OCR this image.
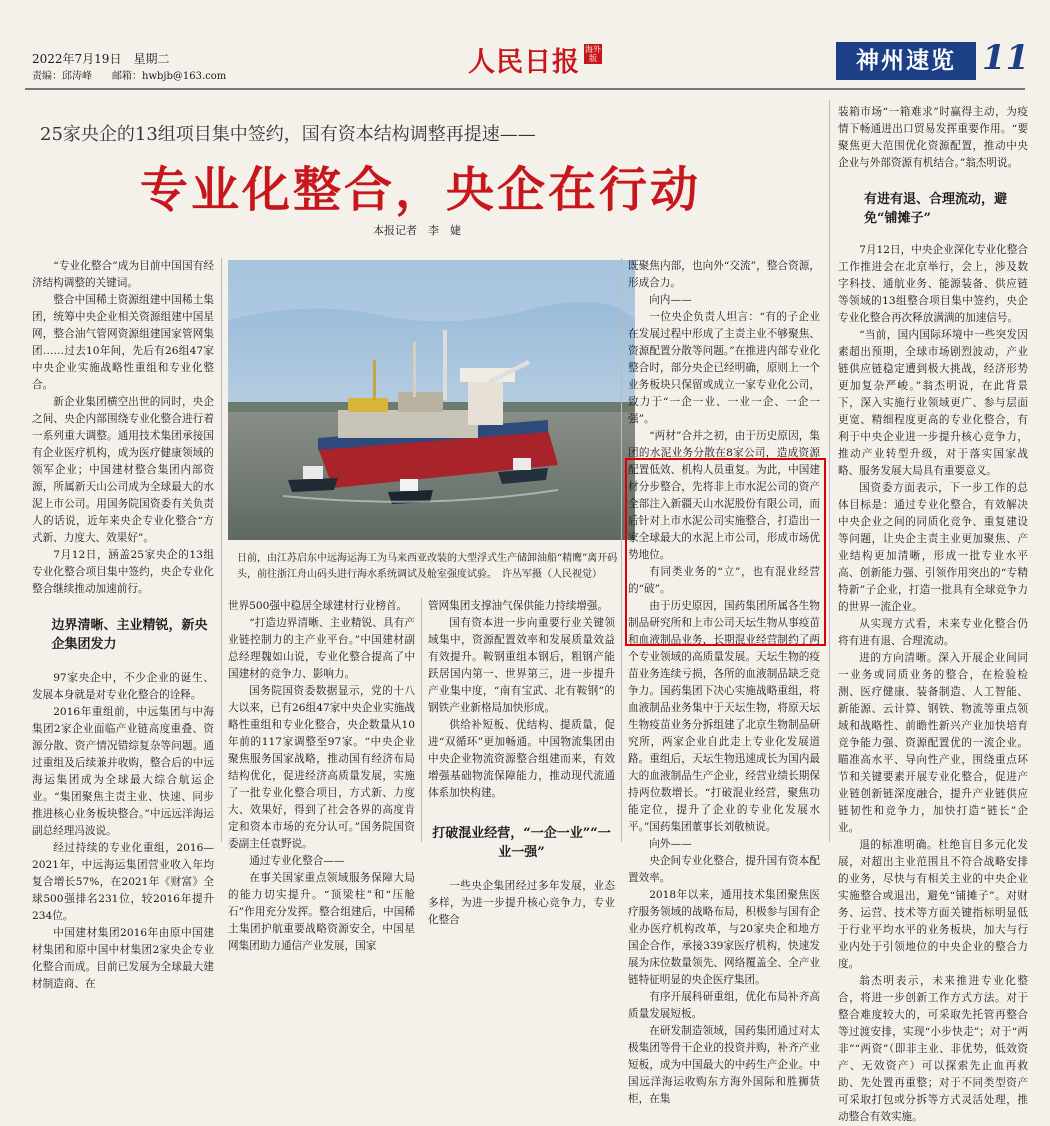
2022年7月19日　星期二
责编：邱涛峰　　邮箱：hwbjb@163.com	人民日报 海外版	神州速览 11
25家央企的13组项目集中签约，国有资本结构调整再提速——
专业化整合，央企在行动
本报记者　李　婕
日前，由江苏启东中远海运海工为马来西亚改装的大型浮式生产储卸油船“精鹰”离开码头，前往浙江舟山码头进行海水系统调试及舱室强度试验。　许丛军摄（人民视觉）

“专业化整合”成为目前中国国有经济结构调整的关键词。

整合中国稀土资源组建中国稀土集团，统筹中央企业相关资源组建中国星网，整合油气管网资源组建国家管网集团……过去10年间，先后有26组47家中央企业实施战略性重组和专业化整合。

新企业集团横空出世的同时，央企之间、央企内部围绕专业化整合进行着一系列重大调整。通用技术集团承接国有企业医疗机构，成为医疗健康领域的领军企业；中国建材整合集团内部资源，所属新天山公司成为全球最大的水泥上市公司。用国务院国资委有关负责人的话说，近年来央企专业化整合“方式新、力度大、效果好”。

7月12日，涵盖25家央企的13组专业化整合项目集中签约，央企专业化整合继续推动加速前行。

边界清晰、主业精锐，新央企集团发力

97家央企中，不少企业的诞生、发展本身就是对专业化整合的诠释。

2016年重组前，中远集团与中海集团2家企业面临产业链高度重叠、资源分散、资产情况错综复杂等问题。通过重组及后续兼并收购，整合后的中远海运集团成为全球最大综合航运企业。“集团聚焦主责主业、快速、同步推进核心业务板块整合。”中远远洋海运副总经理冯波说。

经过持续的专业化重组，2016—2021年，中远海运集团营业收入年均复合增长57%，在2021年《财富》全球500强排名231位，较2016年提升234位。

中国建材集团2016年由原中国建材集团和原中国中材集团2家央企专业化整合而成。目前已发展为全球最大建材制造商、在

世界500强中稳居全球建材行业榜首。

“打造边界清晰、主业精锐、具有产业链控制力的主产业平台。”中国建材副总经理魏如山说，专业化整合提高了中国建材的竞争力、影响力。

国务院国资委数据显示，党的十八大以来，已有26组47家中央企业实施战略性重组和专业化整合，央企数量从10年前的117家调整至97家。“中央企业聚焦服务国家战略，推动国有经济布局结构优化，促进经济高质量发展，实施了一批专业化整合项目，方式新、力度大、效果好，得到了社会各界的高度肯定和资本市场的充分认可。”国务院国资委副主任袁野说。

通过专业化整合——

在事关国家重点领域服务保障大局的能力切实提升。“顶梁柱”和“压舱石”作用充分发挥。整合组建后，中国稀土集团护航重要战略资源安全，中国星网集团助力通信产业发展，国家

管网集团支撑油气保供能力持续增强。

国有资本进一步向重要行业关键领域集中，资源配置效率和发展质量效益有效提升。鞍钢重组本钢后，粗钢产能跃居国内第一、世界第三，进一步提升产业集中度，“南有宝武、北有鞍钢”的钢铁产业新格局加快形成。

供给补短板、优结构、提质量，促进“双循环”更加畅通。中国物流集团由中央企业物流资源整合组建而来，有效增强基础物流保障能力，推动现代流通体系加快构建。

打破混业经营，“一企一业”“一业一强”

一些央企集团经过多年发展，业态多样，为进一步提升核心竞争力，专业化整合

既聚焦内部，也向外“交流”，整合资源，形成合力。

向内——

一位央企负责人坦言：“有的子企业在发展过程中形成了主责主业不够聚焦、资源配置分散等问题。”在推进内部专业化整合时，部分央企已经明确，原则上一个业务板块只保留或成立一家专业化公司，致力于“一企一业、一业一企、一企一强”。

“两材”合并之初，由于历史原因，集团的水泥业务分散在8家公司，造成资源配置低效、机构人员重复。为此，中国建材分步整合，先将非上市水泥公司的资产全部注入新疆天山水泥股份有限公司，而后针对上市水泥公司实施整合，打造出一家全球最大的水泥上市公司，形成市场优势地位。

有同类业务的“立”，也有混业经营的“破”。

由于历史原因，国药集团所属各生物制品研究所和上市公司天坛生物从事疫苗和血液制品业务，长期混业经营制约了两个专业领域的高质量发展。天坛生物的疫苗业务连续亏损，各所的血液制品缺乏竞争力。国药集团下决心实施战略重组，将血液制品业务集中于天坛生物，将原天坛生物疫苗业务分拆组建了北京生物制品研究所，两家企业自此走上专业化发展道路。重组后，天坛生物迅速成长为国内最大的血液制品生产企业，经营业绩长期保持两位数增长。“打破混业经营，聚焦功能定位，提升了企业的专业化发展水平。”国药集团董事长刘敬桢说。

向外——

央企间专业化整合，提升国有资本配置效率。

2018年以来，通用技术集团聚焦医疗服务领域的战略布局，积极参与国有企业办医疗机构改革，与20家央企和地方国企合作，承接339家医疗机构，快速发展为床位数量领先、网络覆盖全、全产业链特征明显的央企医疗集团。

有序开展科研重组，优化布局补齐高质量发展短板。

在研发制造领域，国药集团通过对太极集团等骨干企业的投资并购，补齐产业短板，成为中国最大的中药生产企业。中国远洋海运收购东方海外国际和胜狮货柜，在集

装箱市场“一箱难求”时赢得主动，为疫情下畅通进出口贸易发挥重要作用。“要聚焦更大范围优化资源配置，推动中央企业与外部资源有机结合。”翁杰明说。

有进有退、合理流动，避免“铺摊子”

7月12日，中央企业深化专业化整合工作推进会在北京举行，会上，涉及数字科技、通航业务、能源装备、供应链等领域的13组整合项目集中签约，央企专业化整合再次释放满满的加速信号。

“当前，国内国际环境中一些突发因素超出预期，全球市场剧烈波动，产业链供应链稳定遭到极大挑战，经济形势更加复杂严峻。”翁杰明说，在此背景下，深入实施行业领域更广、参与层面更宽、精细程度更高的专业化整合，有利于中央企业进一步提升核心竞争力，推动产业转型升级，对于落实国家战略、服务发展大局具有重要意义。

国资委方面表示，下一步工作的总体目标是：通过专业化整合，有效解决中央企业之间的同质化竞争、重复建设等问题，让央企主责主业更加聚焦、产业结构更加清晰，形成一批专业水平高、创新能力强、引领作用突出的“专精特新”子企业，打造一批具有全球竞争力的世界一流企业。

从实现方式看，未来专业化整合仍将有进有退、合理流动。

进的方向清晰。深入开展企业间同一业务或同质业务的整合，在检验检测、医疗健康、装备制造、人工智能、新能源、云计算、钢铁、物流等重点领域和战略性、前瞻性新兴产业加快培育竞争能力强、资源配置优的一流企业。瞄准高水平、导向性产业，围绕重点环节和关键要素开展专业化整合，促进产业链创新链深度融合，提升产业链供应链韧性和竞争力，加快打造“链长”企业。

退的标准明确。杜绝盲目多元化发展，对超出主业范围且不符合战略安排的业务，尽快与有相关主业的中央企业实施整合或退出，避免“铺摊子”。对财务、运营、技术等方面关键指标明显低于行业平均水平的业务板块，加大与行业内处于引领地位的中央企业的整合力度。

翁杰明表示，未来推进专业化整合，将进一步创新工作方式方法。对于整合难度较大的，可采取先托管再整合等过渡安排，实现“小步快走”；对于“两非”“两资”（即非主业、非优势，低效资产、无效资产）可以探索先止血再救助、先处置再重整；对于不同类型资产可采取打包或分拆等方式灵活处理，推动整合有效实施。
